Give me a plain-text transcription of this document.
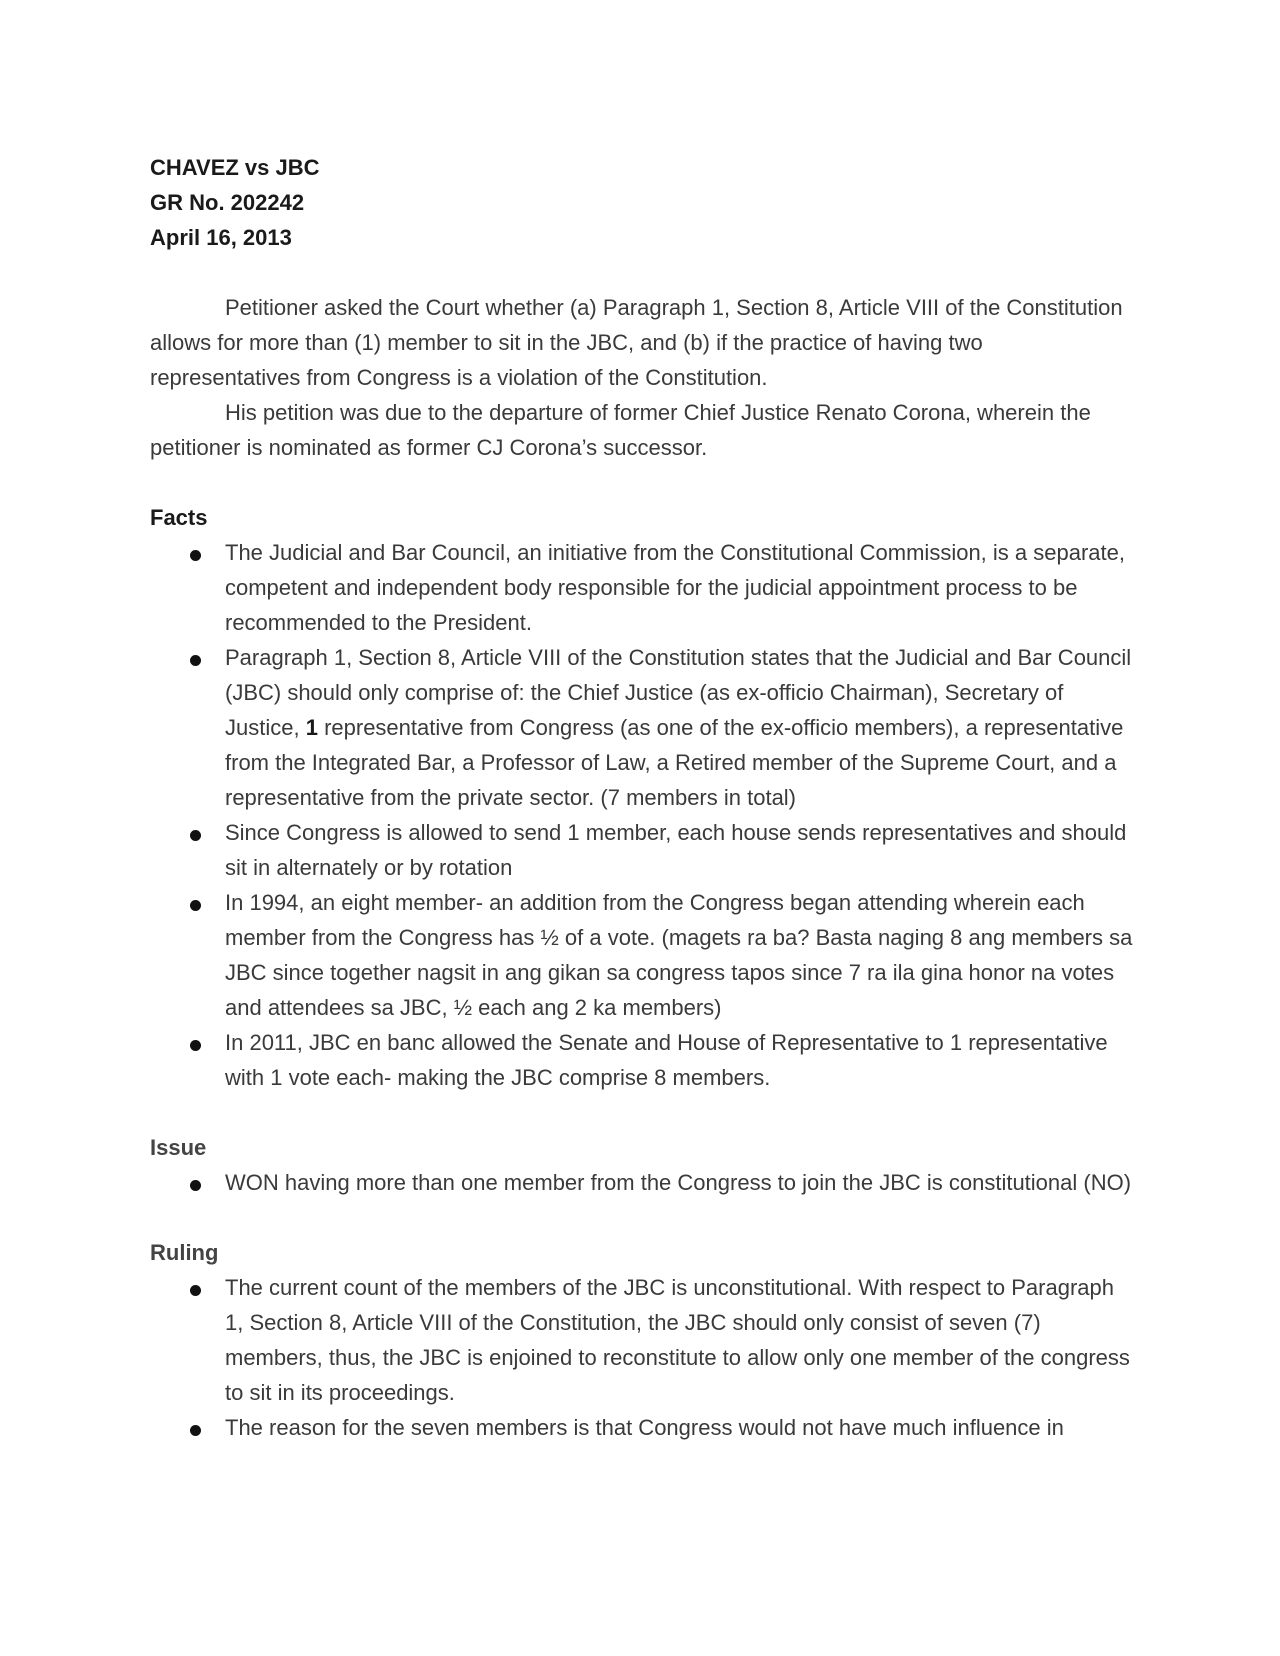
CHAVEZ vs JBC
GR No. 202242
April 16, 2013

Petitioner asked the Court whether (a) Paragraph 1, Section 8, Article VIII of the Constitution allows for more than (1) member to sit in the JBC, and (b) if the practice of having two representatives from Congress is a violation of the Constitution.

His petition was due to the departure of former Chief Justice Renato Corona, wherein the petitioner is nominated as former CJ Corona’s successor.

Facts
The Judicial and Bar Council, an initiative from the Constitutional Commission, is a separate, competent and independent body responsible for the judicial appointment process to be recommended to the President.
Paragraph 1, Section 8, Article VIII of the Constitution states that the Judicial and Bar Council (JBC) should only comprise of: the Chief Justice (as ex-officio Chairman), Secretary of Justice, 1 representative from Congress (as one of the ex-officio members), a representative from the Integrated Bar, a Professor of Law, a Retired member of the Supreme Court, and a representative from the private sector. (7 members in total)
Since Congress is allowed to send 1 member, each house sends representatives and should sit in alternately or by rotation
In 1994, an eight member- an addition from the Congress began attending wherein each member from the Congress has ½ of a vote. (magets ra ba? Basta naging 8 ang members sa JBC since together nagsit in ang gikan sa congress tapos since 7 ra ila gina honor na votes and attendees sa JBC, ½ each ang 2 ka members)
In 2011, JBC en banc allowed the Senate and House of Representative to 1 representative with 1 vote each- making the JBC comprise 8 members.
Issue
WON having more than one member from the Congress to join the JBC is constitutional (NO)
Ruling
The current count of the members of the JBC is unconstitutional. With respect to Paragraph 1, Section 8, Article VIII of the Constitution, the JBC should only consist of seven (7) members, thus, the JBC is enjoined to reconstitute to allow only one member of the congress to sit in its proceedings.
The reason for the seven members is that Congress would not have much influence in
